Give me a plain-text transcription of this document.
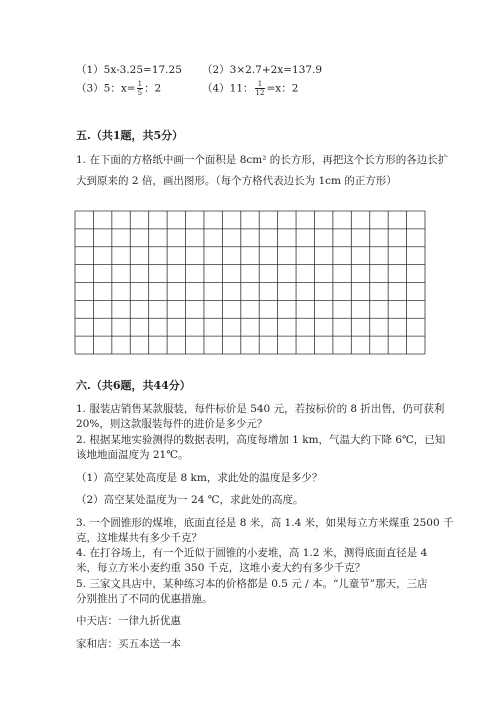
（1）5x-3.25=17.25 （2）3×2.7+2x=137.9
（3）5：$x= \frac{1}{5}$ ：2	（4）11： $\frac{1}{12} =x$：2
五.（共1题，共5分）
1. 在下面的方格纸中画一个面积是 8cm² 的长方形，再把这个长方形的各边长扩
大到原来的 2 倍，画出图形。（每个方格代表边长为 1cm 的正方形）
六.（共6题，共44分）
1. 服装店销售某款服装，每件标价是 540 元，若按标价的 8 折出售，仍可获利
20%，则这款服装每件的进价是多少元？
2. 根据某地实验测得的数据表明，高度每增加 1 km，气温大约下降 6℃，已知
该地地面温度为 21℃。
（1）高空某处高度是 8 km，求此处的温度是多少？
（2）高空某处温度为一 24 ℃，求此处的高度。
3. 一个圆锥形的煤堆，底面直径是 8 米，高 1.4 米，如果每立方米煤重 2500 千
克，这堆煤共有多少千克？
4. 在打谷场上，有一个近似于圆锥的小麦堆，高 1.2 米，测得底面直径是 4
米，每立方米小麦约重 350 千克，这堆小麦大约有多少千克？
5. 三家文具店中，某种练习本的价格都是 0.5 元 / 本。“儿童节”那天，三店
分别推出了不同的优惠措施。
中天店：一律九折优惠
家和店：买五本送一本
